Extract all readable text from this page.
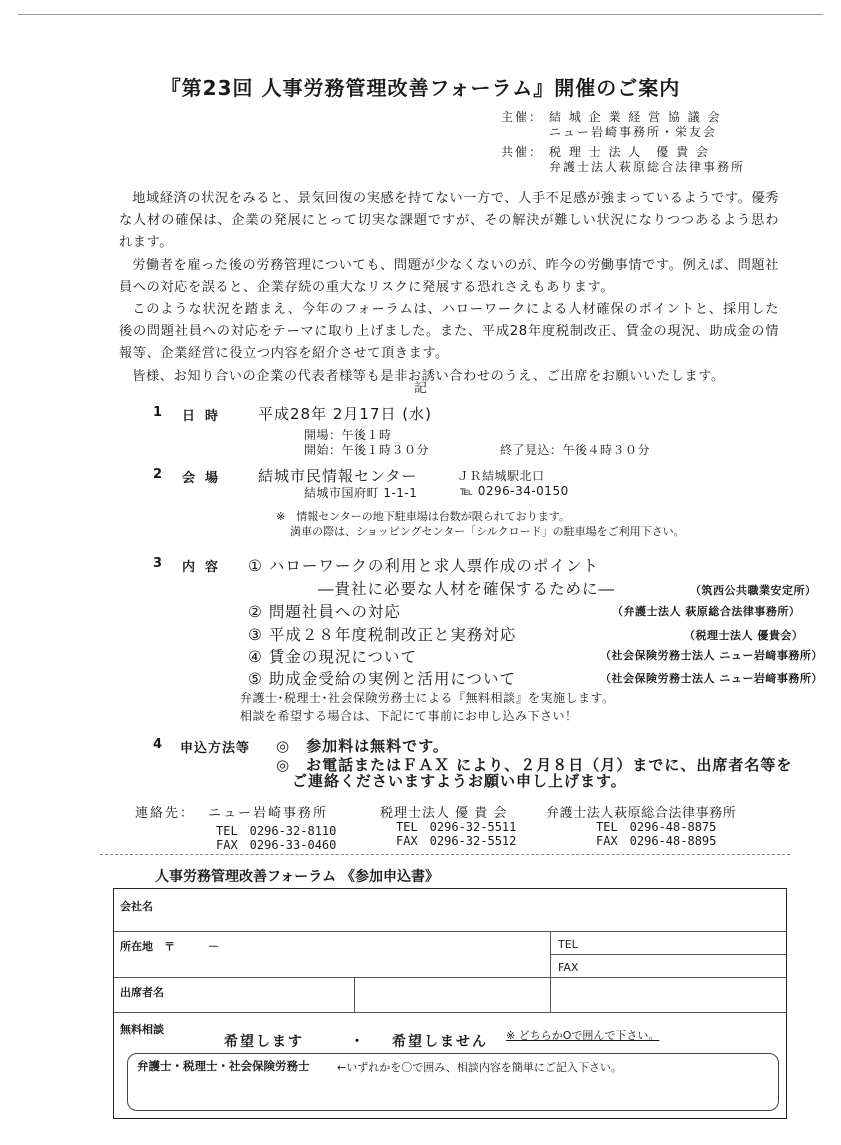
『第23回 人事労務管理改善フォーラム』開催のご案内
主催： 結 城 企 業 経 営 協 議 会
ニュー岩崎事務所・栄友会
共催： 税 理 士 法 人　優 貴 会
弁護士法人萩原総合法律事務所

地域経済の状況をみると、景気回復の実感を持てない一方で、人手不足感が強まっているようです。優秀な人材の確保は、企業の発展にとって切実な課題ですが、その解決が難しい状況になりつつあるよう思われます。

労働者を雇った後の労務管理についても、問題が少なくないのが、昨今の労働事情です。例えば、問題社員への対応を誤ると、企業存続の重大なリスクに発展する恐れさえもあります。

このような状況を踏まえ、今年のフォーラムは、ハローワークによる人材確保のポイントと、採用した後の問題社員への対応をテーマに取り上げました。また、平成28年度税制改正、賃金の現況、助成金の情報等、企業経営に役立つ内容を紹介させて頂きます。

皆様、お知り合いの企業の代表者様等も是非お誘い合わせのうえ、ご出席をお願いいたします。

記
1 日時 平成28年 2月17日 (水)
開場：午後１時
開始：午後１時３０分	終了見込：午後４時３０分
2 会場 結城市民情報センター	ＪＲ結城駅北口
結城市国府町 1-1-1	℡ 0296-34-0150
※　情報センターの地下駐車場は台数が限られております。
満車の際は、ショッピングセンター「シルクロード」の駐車場をご利用下さい。
3 内容 ① ハローワークの利用と求人票作成のポイント
―貴社に必要な人材を確保するために―	（筑西公共職業安定所）
② 問題社員への対応	（弁護士法人 萩原総合法律事務所）
③ 平成２８年度税制改正と実務対応	（税理士法人 優貴会）
④ 賃金の現況について	（社会保険労務士法人 ニュー岩﨑事務所）
⑤ 助成金受給の実例と活用について	（社会保険労務士法人 ニュー岩﨑事務所）
弁護士･税理士･社会保険労務士による『無料相談』を実施します。
相談を希望する場合は、下記にて事前にお申し込み下さい！
4 申込方法等 ◎　参加料は無料です。
◎　お電話またはＦＡＸ により、２月８日（月）までに、出席者名等を
ご連絡くださいますようお願い申し上げます。
連絡先： ニュー岩崎事務所
TEL　0296-32-8110
FAX　0296-33-0460
税理士法人 優 貴 会
TEL　0296-32-5511
FAX　0296-32-5512
弁護士法人萩原総合法律事務所
TEL　0296-48-8875
FAX　0296-48-8895
人事労務管理改善フォーラム 《参加申込書》
会社名
所在地　〒　　　－	TEL
FAX
出席者名
無料相談
希望します	・ 希望しません ※ どちらかOで囲んで下さい。
弁護士・税理士・社会保険労務士	←いずれかを〇で囲み、相談内容を簡単にご記入下さい。
